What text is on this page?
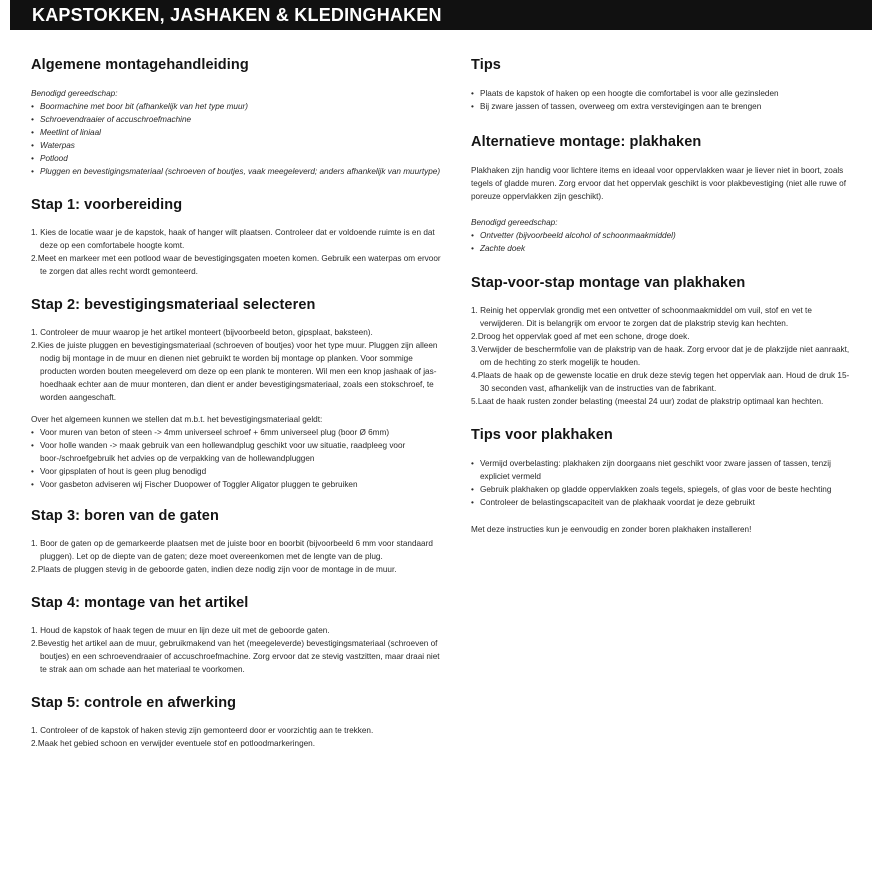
KAPSTOKKEN, JASHAKEN & KLEDINGHAKEN
Algemene montagehandleiding
Benodigd gereedschap:
• Boormachine met boor bit (afhankelijk van het type muur)
• Schroevendraaier of accuschroefmachine
• Meetlint of liniaal
• Waterpas
• Potlood
• Pluggen en bevestigingsmateriaal (schroeven of boutjes, vaak meegeleverd; anders afhankelijk van muurtype)
Stap 1: voorbereiding
1. Kies de locatie waar je de kapstok, haak of hanger wilt plaatsen. Controleer dat er voldoende ruimte is en dat deze op een comfortabele hoogte komt.
2.Meet en markeer met een potlood waar de bevestigingsgaten moeten komen. Gebruik een waterpas om ervoor te zorgen dat alles recht wordt gemonteerd.
Stap 2: bevestigingsmateriaal selecteren
1. Controleer de muur waarop je het artikel monteert (bijvoorbeeld beton, gipsplaat, baksteen).
2.Kies de juiste pluggen en bevestigingsmateriaal (schroeven of boutjes) voor het type muur. Pluggen zijn alleen nodig bij montage in de muur en dienen niet gebruikt te worden bij montage op planken. Voor sommige producten worden bouten meegeleverd om deze op een plank te monteren. Wil men een knop jashaak of jas-hoedhaak echter aan de muur monteren, dan dient er ander bevestigingsmateriaal, zoals een stokschroef, te worden aangeschaft.
Over het algemeen kunnen we stellen dat m.b.t. het bevestigingsmateriaal geldt:
• Voor muren van beton of steen -> 4mm universeel schroef + 6mm universeel plug (boor Ø 6mm)
• Voor holle wanden -> maak gebruik van een hollewandplug geschikt voor uw situatie, raadpleeg voor boor-/schroefgebruik het advies op de verpakking van de hollewandpluggen
• Voor gipsplaten of hout is geen plug benodigd
• Voor gasbeton adviseren wij Fischer Duopower of Toggler Aligator pluggen te gebruiken
Stap 3: boren van de gaten
1. Boor de gaten op de gemarkeerde plaatsen met de juiste boor en boorbit (bijvoorbeeld 6 mm voor standaard pluggen). Let op de diepte van de gaten; deze moet overeenkomen met de lengte van de plug.
2.Plaats de pluggen stevig in de geboorde gaten, indien deze nodig zijn voor de montage in de muur.
Stap 4: montage van het artikel
1. Houd de kapstok of haak tegen de muur en lijn deze uit met de geboorde gaten.
2.Bevestig het artikel aan de muur, gebruikmakend van het (meegeleverde) bevestigingsmateriaal (schroeven of boutjes) en een schroevendraaier of accuschroefmachine. Zorg ervoor dat ze stevig vastzitten, maar draai niet te strak aan om schade aan het materiaal te voorkomen.
Stap 5: controle en afwerking
1. Controleer of de kapstok of haken stevig zijn gemonteerd door er voorzichtig aan te trekken.
2.Maak het gebied schoon en verwijder eventuele stof en potloodmarkeringen.
Tips
• Plaats de kapstok of haken op een hoogte die comfortabel is voor alle gezinsleden
• Bij zware jassen of tassen, overweeg om extra verstevigingen aan te brengen
Alternatieve montage: plakhaken
Plakhaken zijn handig voor lichtere items en ideaal voor oppervlakken waar je liever niet in boort, zoals tegels of gladde muren. Zorg ervoor dat het oppervlak geschikt is voor plakbevestiging (niet alle ruwe of poreuze oppervlakken zijn geschikt).
Benodigd gereedschap:
• Ontvetter (bijvoorbeeld alcohol of schoonmaakmiddel)
• Zachte doek
Stap-voor-stap montage van plakhaken
1. Reinig het oppervlak grondig met een ontvetter of schoonmaakmiddel om vuil, stof en vet te verwijderen. Dit is belangrijk om ervoor te zorgen dat de plakstrip stevig kan hechten.
2.Droog het oppervlak goed af met een schone, droge doek.
3.Verwijder de beschermfolie van de plakstrip van de haak. Zorg ervoor dat je de plakzijde niet aanraakt, om de hechting zo sterk mogelijk te houden.
4.Plaats de haak op de gewenste locatie en druk deze stevig tegen het oppervlak aan. Houd de druk 15-30 seconden vast, afhankelijk van de instructies van de fabrikant.
5.Laat de haak rusten zonder belasting (meestal 24 uur) zodat de plakstrip optimaal kan hechten.
Tips voor plakhaken
• Vermijd overbelasting: plakhaken zijn doorgaans niet geschikt voor zware jassen of tassen, tenzij expliciet vermeld
• Gebruik plakhaken op gladde oppervlakken zoals tegels, spiegels, of glas voor de beste hechting
• Controleer de belastingscapaciteit van de plakhaak voordat je deze gebruikt
Met deze instructies kun je eenvoudig en zonder boren plakhaken installeren!
